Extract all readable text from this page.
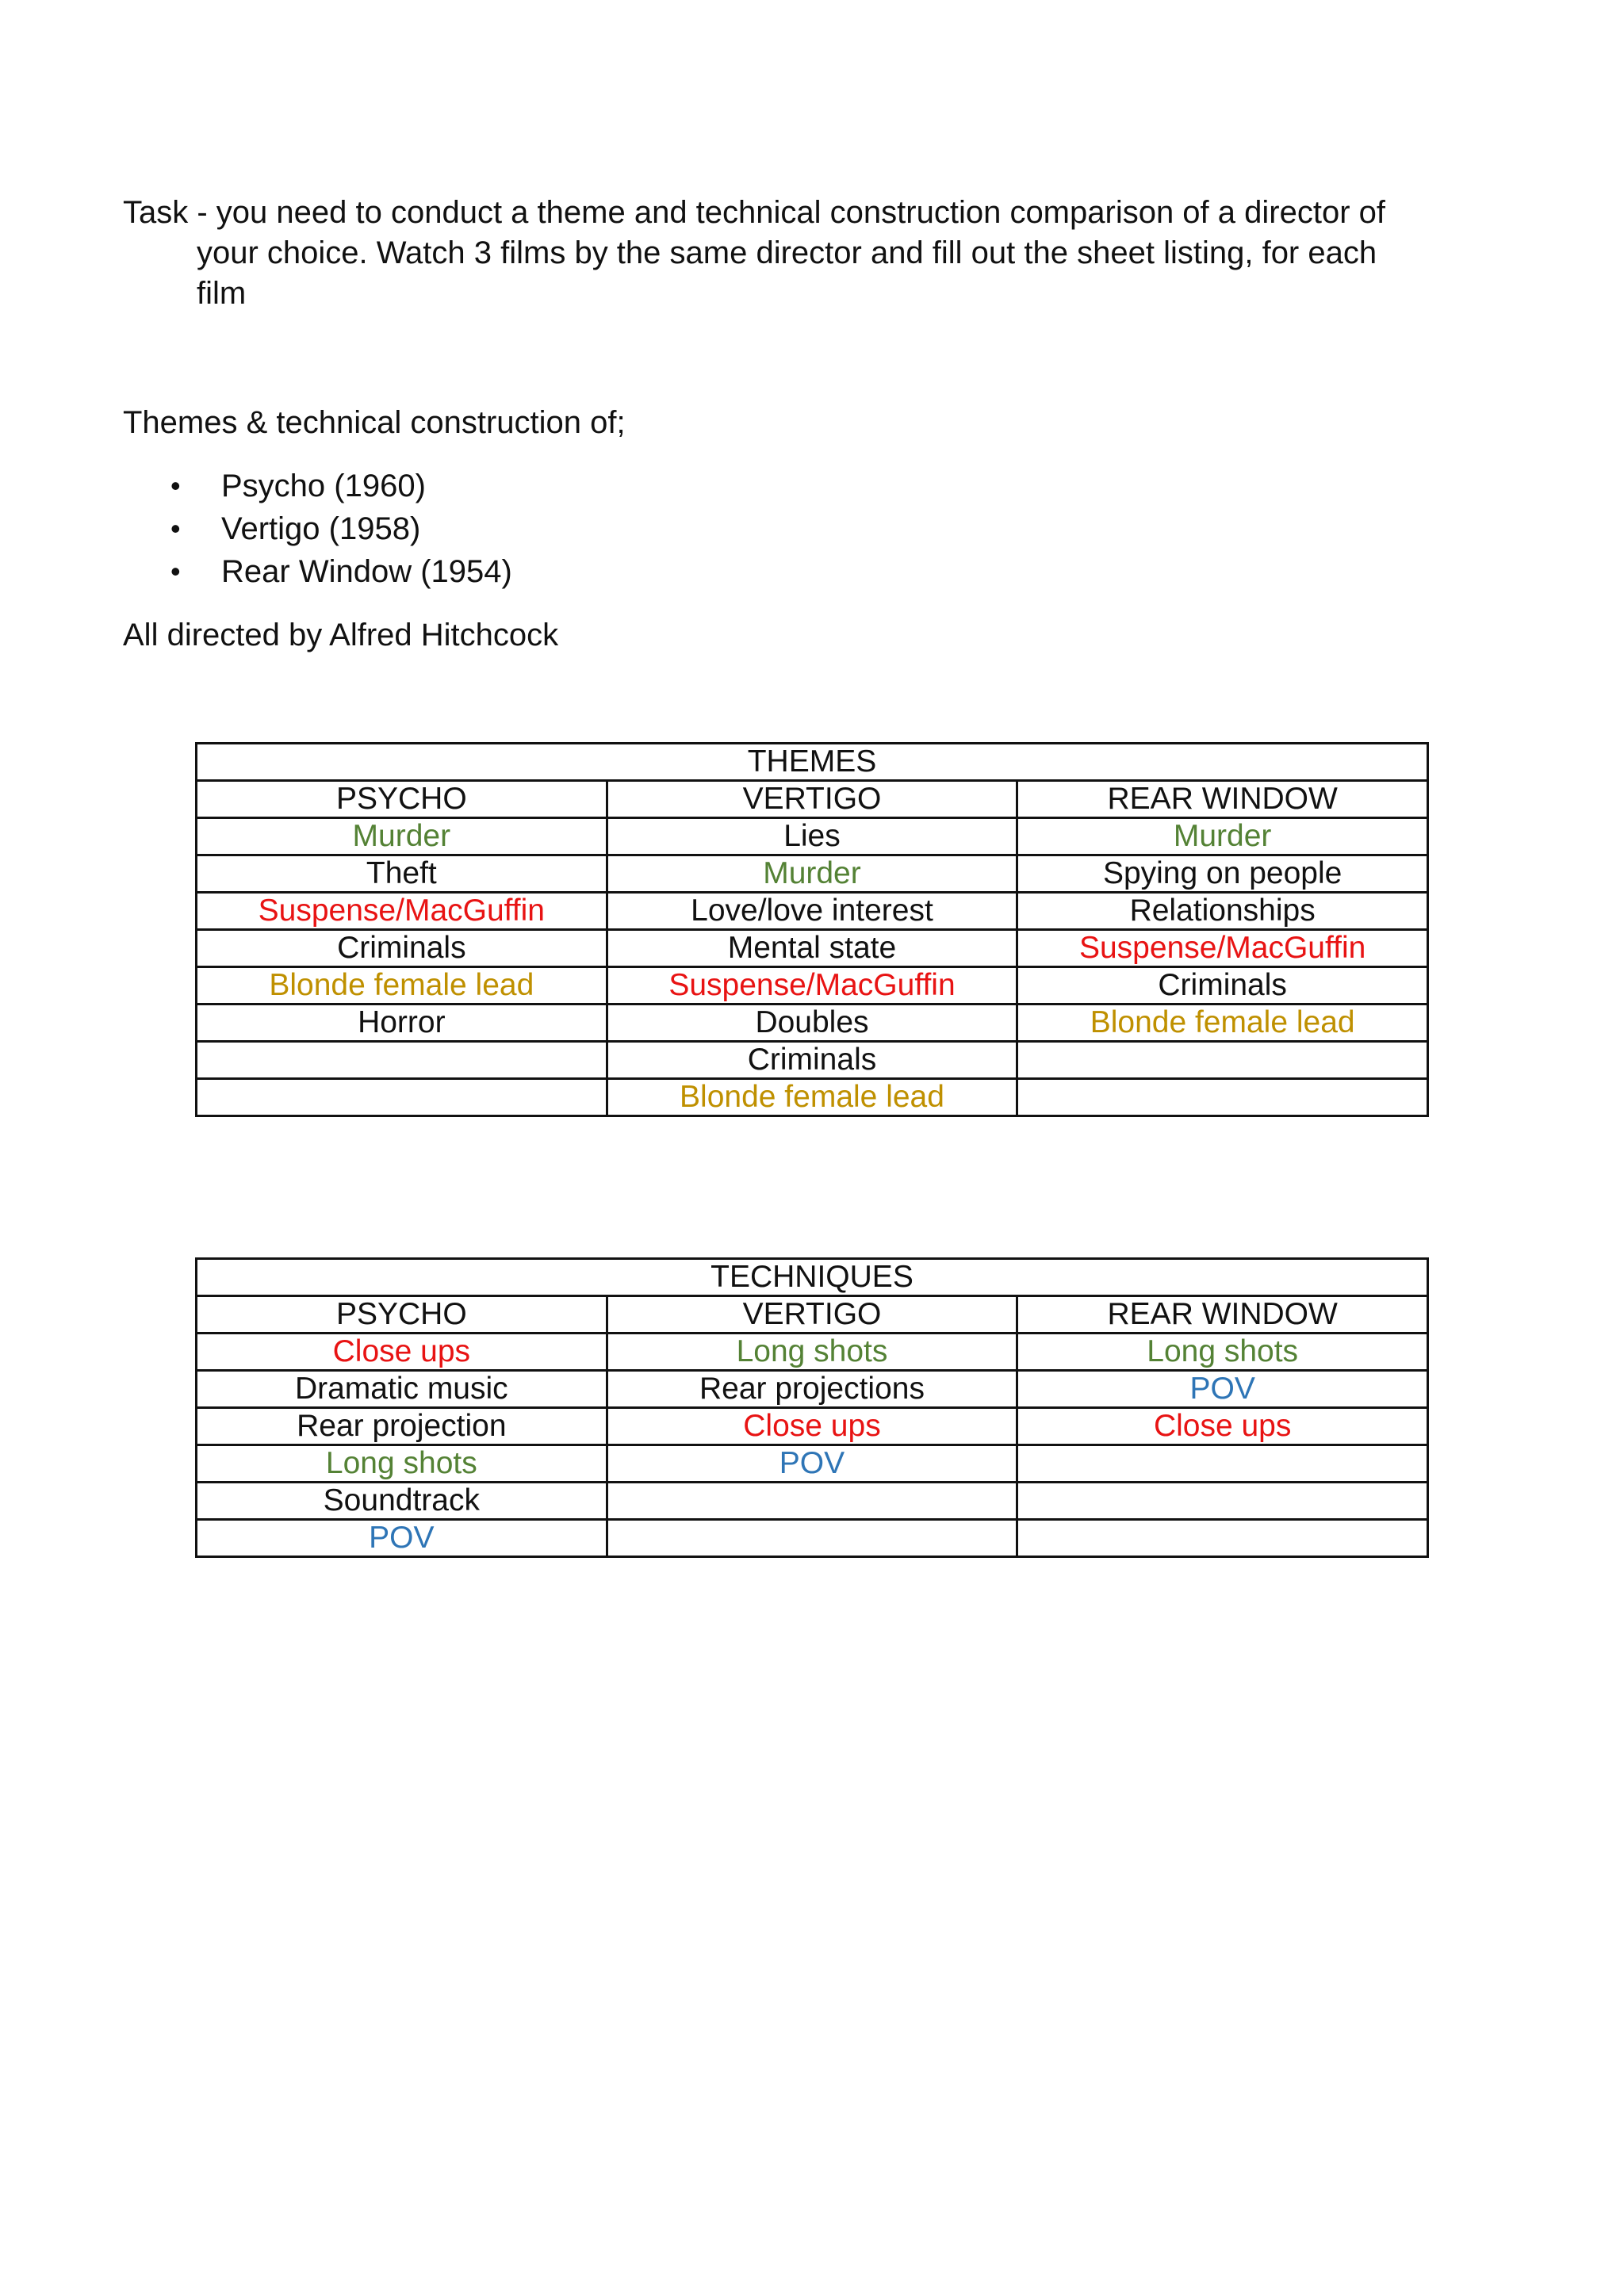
Task - you need to conduct a theme and technical construction comparison of a director of your choice. Watch 3 films by the same director and fill out the sheet listing, for each film

Themes & technical construction of;
• Psycho (1960)
• Vertigo (1958)
• Rear Window (1954)
All directed by Alfred Hitchcock
THEMES		
PSYCHO	VERTIGO	REAR WINDOW
Murder	Lies	Murder
Theft	Murder	Spying on people
Suspense/MacGuffin	Love/love interest	Relationships
Criminals	Mental state	Suspense/MacGuffin
Blonde female lead	Suspense/MacGuffin	Criminals
Horror	Doubles	Blonde female lead
	Criminals	
	Blonde female lead	
TECHNIQUES		
PSYCHO	VERTIGO	REAR WINDOW
Close ups	Long shots	Long shots
Dramatic music	Rear projections	POV
Rear projection	Close ups	Close ups
Long shots	POV	
Soundtrack		
POV		
